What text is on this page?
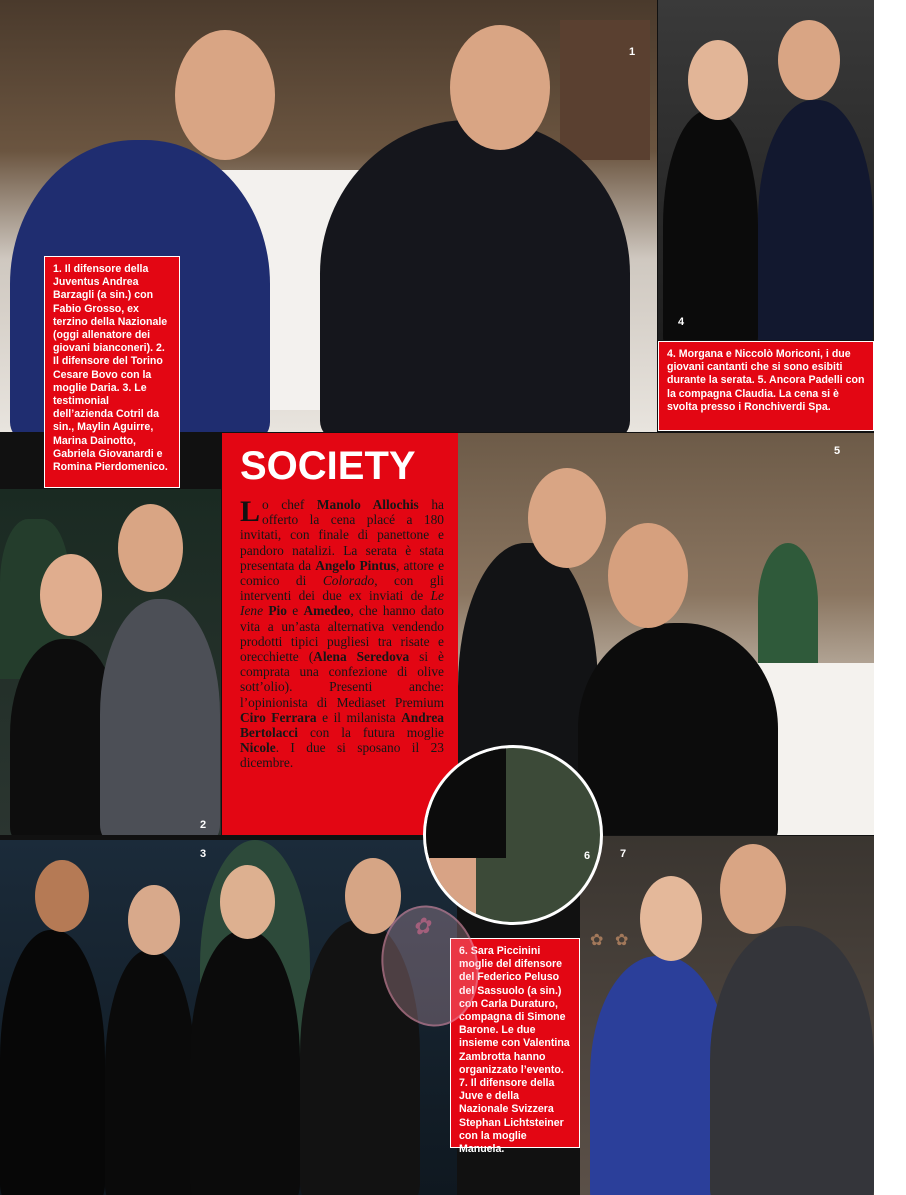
1
4
1. Il difensore della Juventus Andrea Barzagli (a sin.) con Fabio Grosso, ex terzino della Nazionale (oggi allenatore dei giovani bianconeri). 2. Il difensore del Torino Cesare Bovo con la moglie Daria. 3. Le testimonial dell’azienda Cotril da sin., Maylin Aguirre, Marina Dainotto, Gabriela Giovanardi e Romina Pierdomenico.
4. Morgana e Niccolò Moriconi, i due giovani cantanti che si sono esibiti durante la serata. 5. Ancora Padelli con la compagna Claudia. La cena si è svolta presso i Ronchiverdi Spa.
2
SOCIETY

Lo chef Manolo Allochis ha offerto la cena placé a 180 invitati, con finale di panettone e pandoro natalizi. La serata è stata presentata da Angelo Pintus, attore e comico di Colorado, con gli interventi dei due ex inviati de Le Iene Pio e Amedeo, che hanno dato vita a un’asta alternativa vendendo prodotti tipici pugliesi tra risate e orecchiette (Alena Seredova si è comprata una confezione di olive sott’olio). Presenti anche: l’opinionista di Mediaset Premium Ciro Ferrara e il milanista Andrea Bertolacci con la futura moglie Nicole. I due si sposano il 23 dicembre.

5
3	7
6. Sara Piccinini moglie del difensore del Federico Peluso del Sassuolo (a sin.) con Carla Duraturo, compagna di Simone Barone. Le due insieme con Valentina Zambrotta hanno organizzato l’evento. 7. Il difensore della Juve e della Nazionale Svizzera Stephan Lichtsteiner con la moglie Manuela.
6
✿	✿ ✿
